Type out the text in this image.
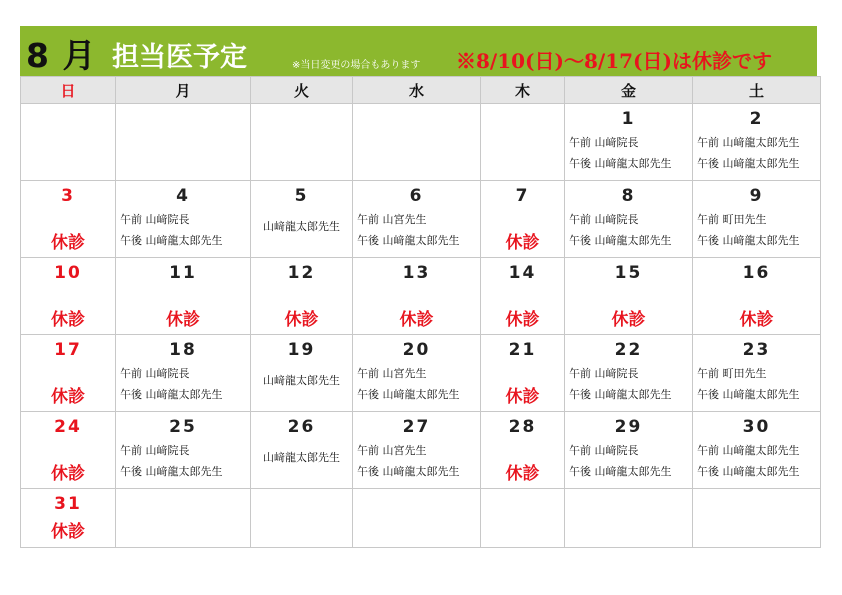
8 月 担当医予定	※当日変更の場合もあります ※8/10(日)〜8/17(日)は休診です
日	月	火	水	木	金	土

					1
午前 山﨑院長
午後 山﨑龍太郎先生	2
午前 山﨑龍太郎先生
午後 山﨑龍太郎先生

3
休診	4
午前 山﨑院長
午後 山﨑龍太郎先生	5
山﨑龍太郎先生	6
午前 山宮先生
午後 山﨑龍太郎先生	7
休診	8
午前 山﨑院長
午後 山﨑龍太郎先生	9
午前 町田先生
午後 山﨑龍太郎先生

10
休診	11
休診	12
休診	13
休診	14
休診	15
休診	16
休診

17
休診	18
午前 山﨑院長
午後 山﨑龍太郎先生	19
山﨑龍太郎先生	20
午前 山宮先生
午後 山﨑龍太郎先生	21
休診	22
午前 山﨑院長
午後 山﨑龍太郎先生	23
午前 町田先生
午後 山﨑龍太郎先生

24
休診	25
午前 山﨑院長
午後 山﨑龍太郎先生	26
山﨑龍太郎先生	27
午前 山宮先生
午後 山﨑龍太郎先生	28
休診	29
午前 山﨑院長
午後 山﨑龍太郎先生	30
午前 山﨑龍太郎先生
午後 山﨑龍太郎先生

31
休診						
